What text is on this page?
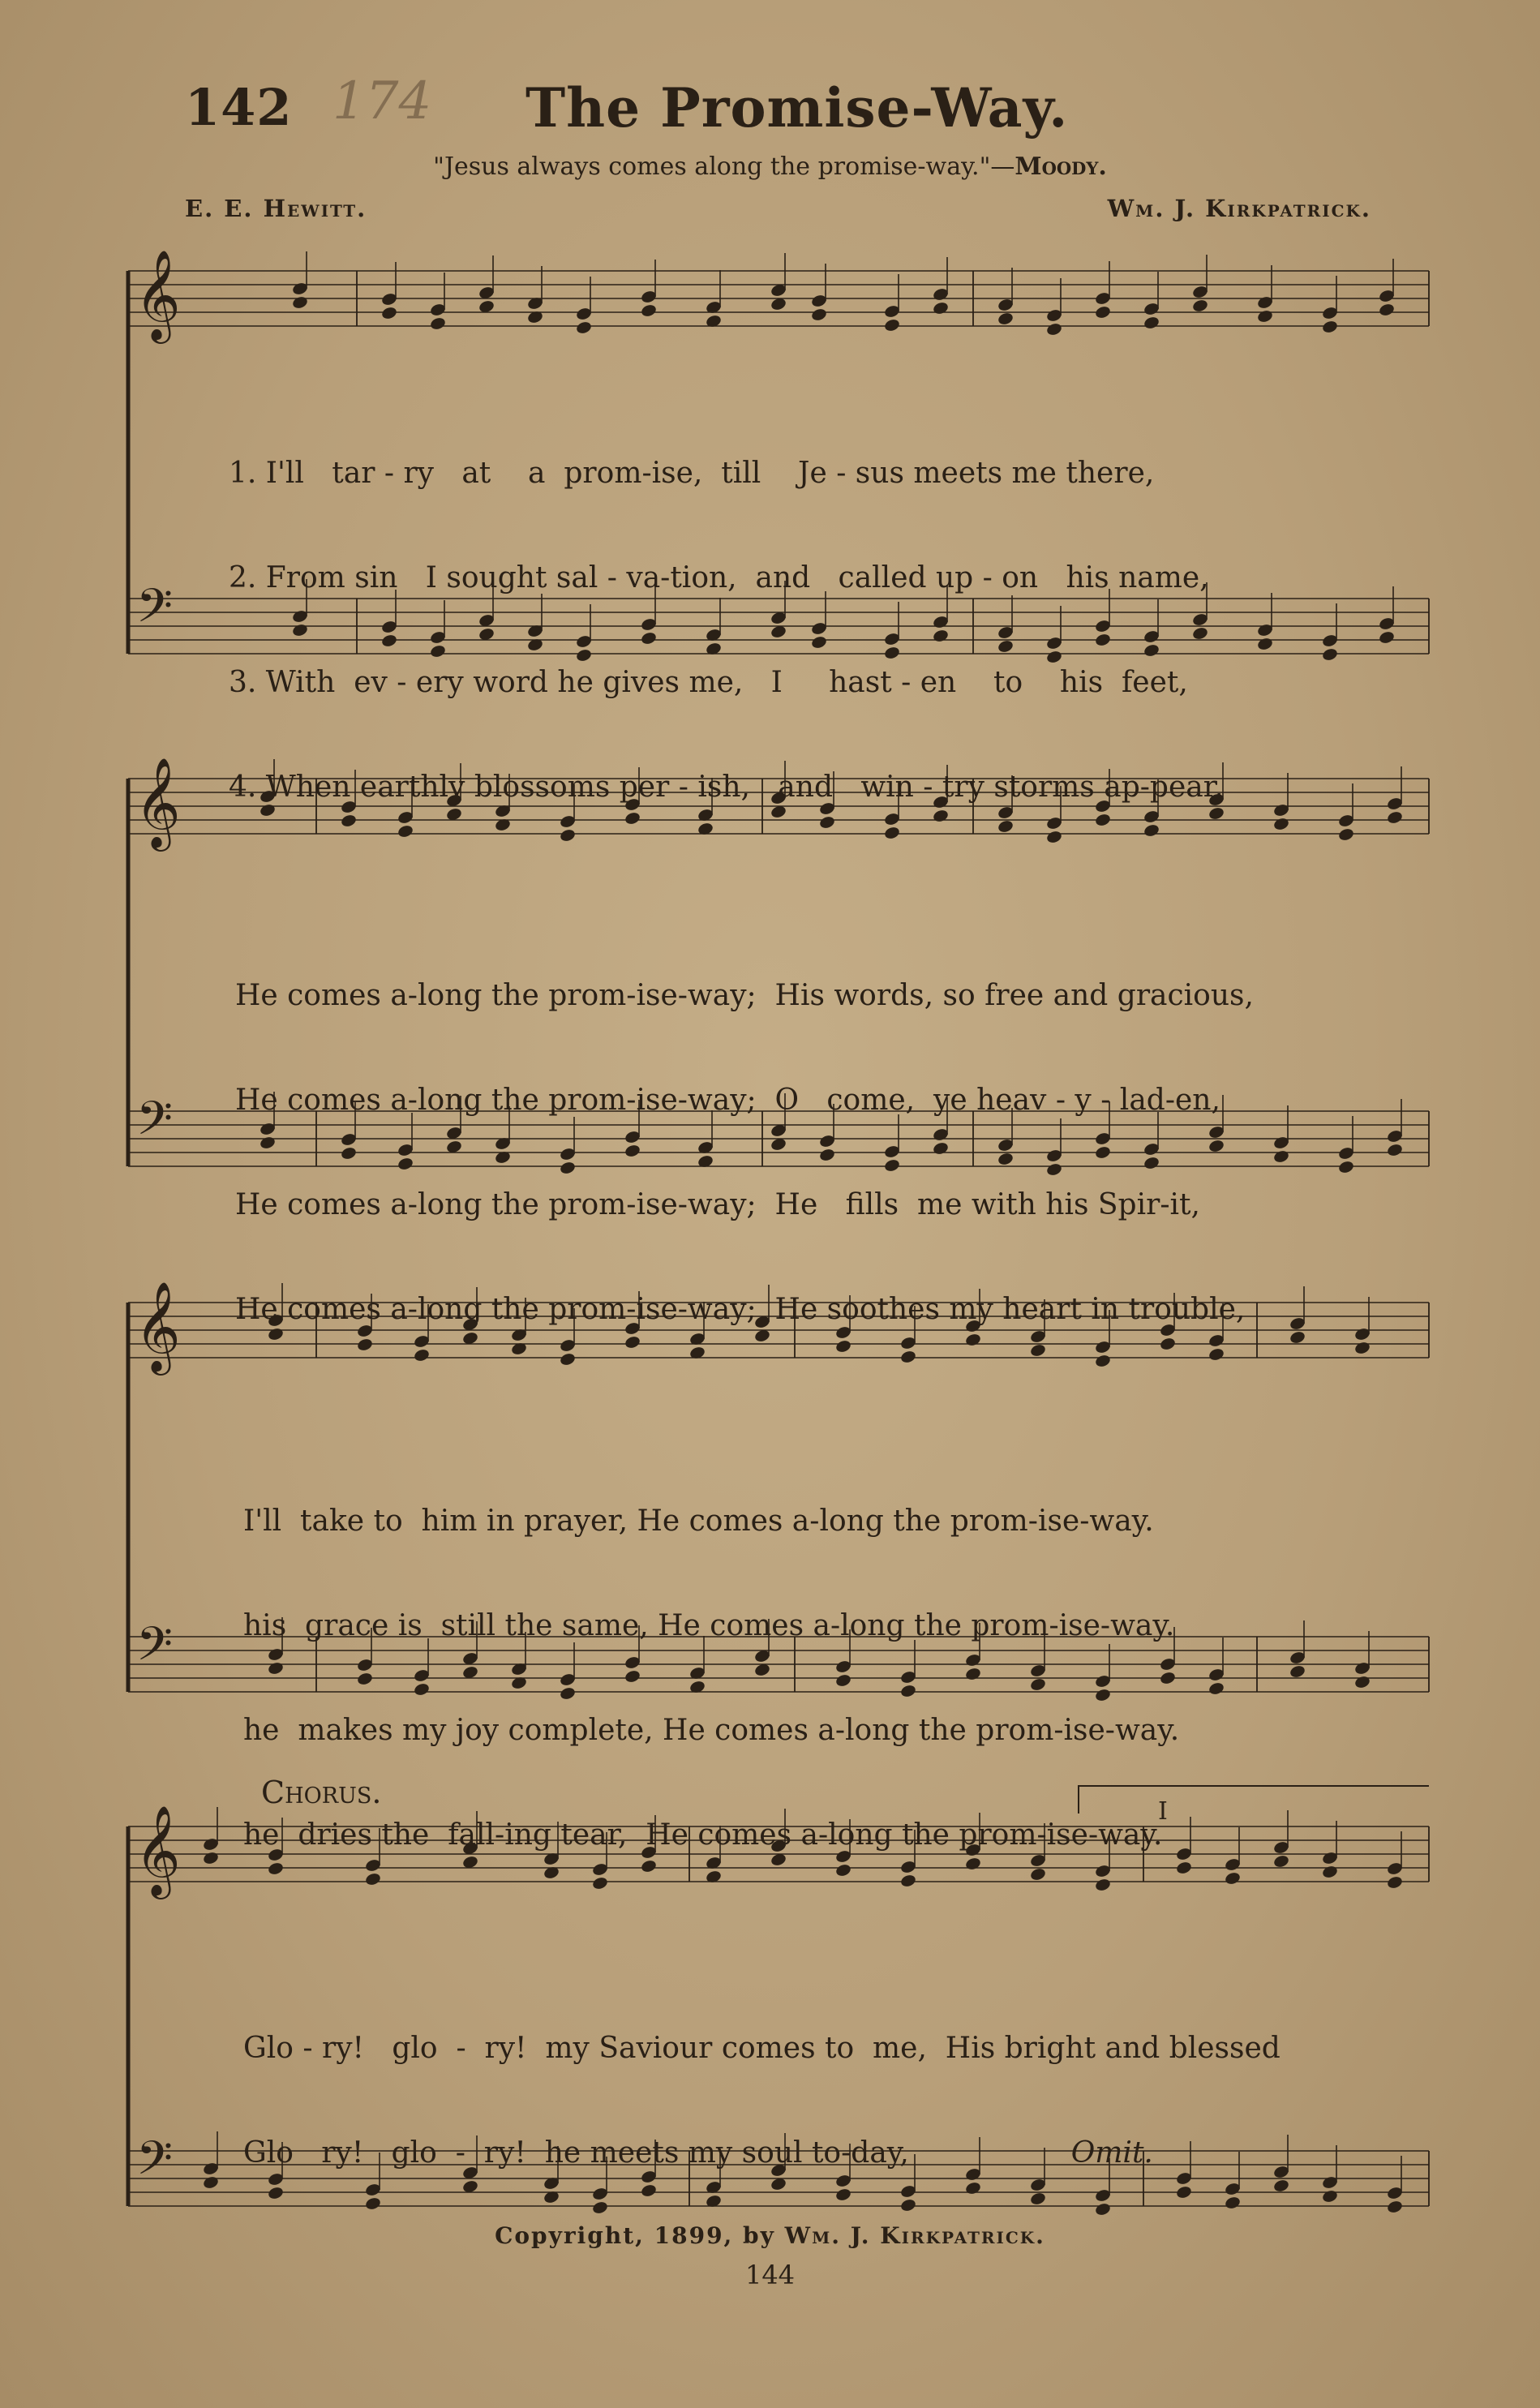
142 174 The Promise-Way.
"Jesus always comes along the promise-way."—Moody.
E. E. Hewitt.	Wm. J. Kirkpatrick.
𝄞
𝄢
𝄞
𝄢
𝄞
𝄢
𝄞
𝄢

1. I'll   tar - ry   at    a  prom-ise,  till    Je - sus meets me there,

2. From sin   I sought sal - va-tion,  and   called up - on   his name,

3. With  ev - ery word he gives me,   I     hast - en    to    his  feet,

4. When earthly blossoms per - ish,   and   win - try storms ap-pear,

He comes a-long the prom-ise-way;  His words, so free and gracious,

He comes a-long the prom-ise-way;  O   come,  ye heav - y - lad-en,

He comes a-long the prom-ise-way;  He   fills  me with his Spir-it,

He comes a-long the prom-ise-way;  He soothes my heart in trouble,

I'll  take to  him in prayer, He comes a-long the prom-ise-way.

his  grace is  still the same, He comes a-long the prom-ise-way.

he  makes my joy complete, He comes a-long the prom-ise-way.

he  dries the  fall-ing tear,  He comes a-long the prom-ise-way.

Chorus.
I

Glo - ry!   glo  -  ry!  my Saviour comes to  me,  His bright and blessed

Glo   ry!   glo  -  ry!  he meets my soul to-day,	Omit.

Copyright, 1899, by Wm. J. Kirkpatrick.
144
